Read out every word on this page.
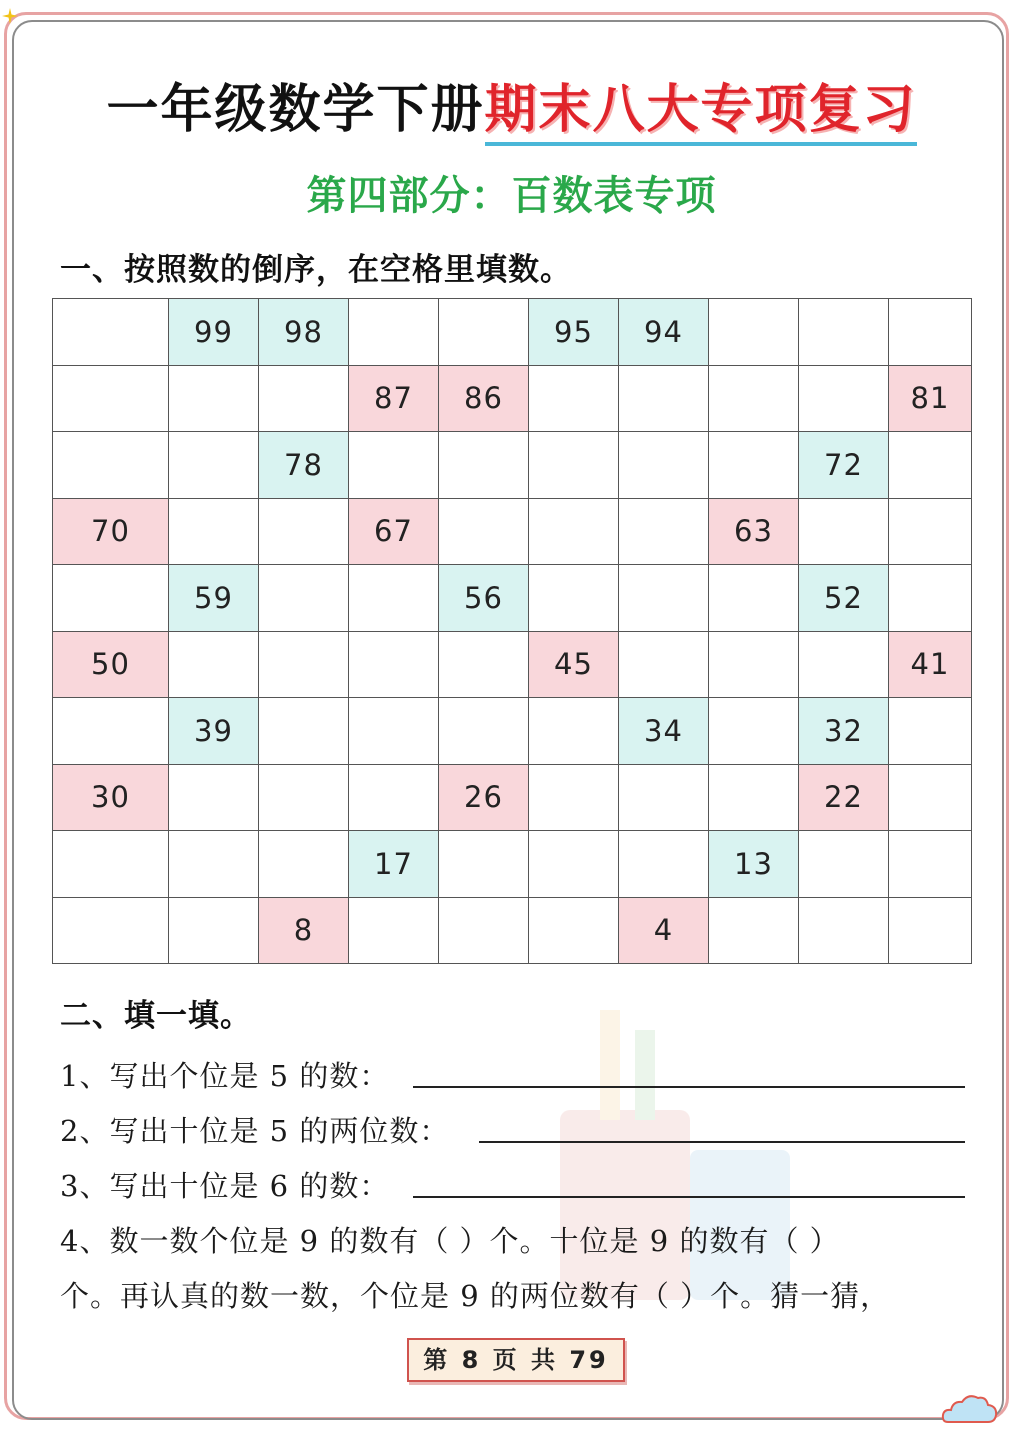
一年级数学下册期末八大专项复习
第四部分：百数表专项
一、按照数的倒序，在空格里填数。
	99	98			95	94			
			87	86					81
		78						72	
70			67				63		
	59			56				52	
50					45				41
	39					34		32	
30				26				22	
			17				13		
		8				4			
二、填一填。
1、写出个位是 5 的数：
2、写出十位是 5 的两位数：
3、写出十位是 6 的数：
4、数一数个位是 9 的数有（ ）个。十位是 9 的数有（ ）
个。再认真的数一数，个位是 9 的两位数有（ ）个。猜一猜，
第 8 页 共 79
